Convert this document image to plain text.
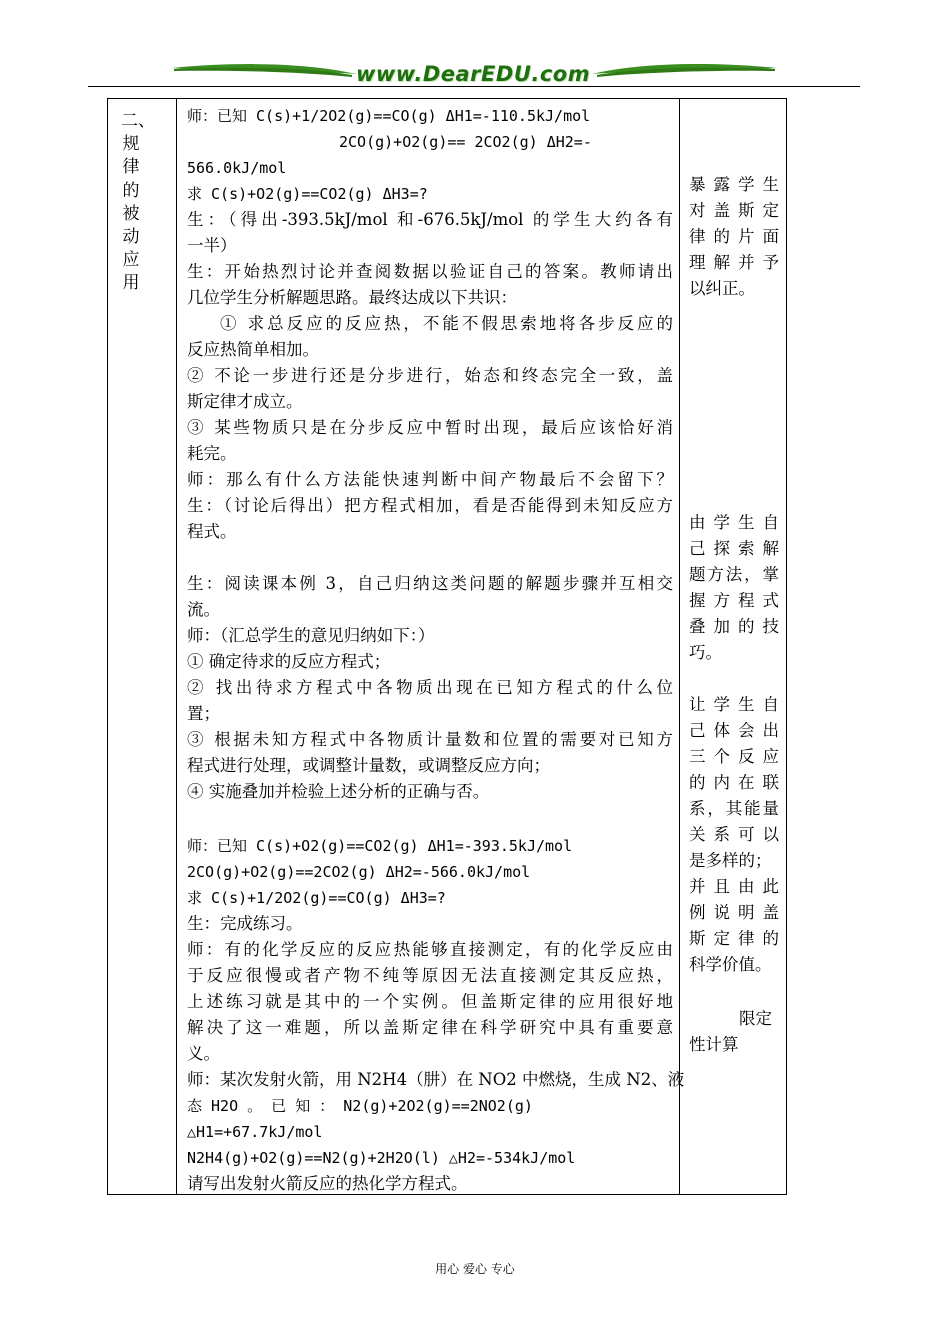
www.DearEDU.com

二、规律的被动应用

师：已知 C(s)+1/2O2(g)==CO(g) ΔH1=-110.5kJ/mol

2CO(g)+O2(g)== 2CO2(g) ΔH2=-

566.0kJ/mol

求 C(s)+O2(g)==CO2(g) ΔH3=?

生：（得出-393.5kJ/mol 和-676.5kJ/mol 的学生大约各有

一半）

生：开始热烈讨论并查阅数据以验证自己的答案。教师请出

几位学生分析解题思路。最终达成以下共识：

① 求总反应的反应热，不能不假思索地将各步反应的

反应热简单相加。

② 不论一步进行还是分步进行，始态和终态完全一致，盖

斯定律才成立。

③ 某些物质只是在分步反应中暂时出现，最后应该恰好消

耗完。

师：那么有什么方法能快速判断中间产物最后不会留下？

生：（讨论后得出）把方程式相加，看是否能得到未知反应方

程式。

生：阅读课本例 3，自己归纳这类问题的解题步骤并互相交

流。

师：（汇总学生的意见归纳如下：）

① 确定待求的反应方程式；

② 找出待求方程式中各物质出现在已知方程式的什么位

置；

③ 根据未知方程式中各物质计量数和位置的需要对已知方

程式进行处理，或调整计量数，或调整反应方向；

④ 实施叠加并检验上述分析的正确与否。

师：已知 C(s)+O2(g)==CO2(g) ΔH1=-393.5kJ/mol

2CO(g)+O2(g)==2CO2(g) ΔH2=-566.0kJ/mol

求 C(s)+1/2O2(g)==CO(g) ΔH3=?

生：完成练习。

师：有的化学反应的反应热能够直接测定，有的化学反应由

于反应很慢或者产物不纯等原因无法直接测定其反应热，

上述练习就是其中的一个实例。但盖斯定律的应用很好地

解决了这一难题，所以盖斯定律在科学研究中具有重要意

义。

师：某次发射火箭，用 N2H4（肼）在 NO2 中燃烧，生成 N2、液

态 H2O 。 已 知 ： N2(g)+2O2(g)==2NO2(g)

△H1=+67.7kJ/mol

N2H4(g)+O2(g)==N2(g)+2H2O(l) △H2=-534kJ/mol

请写出发射火箭反应的热化学方程式。

暴露学生

对盖斯定

律的片面

理解并予

以纠正。

由学生自

己探索解

题方法，掌

握方程式

叠加的技

巧。

让学生自

己体会出

三个反应

的内在联

系，其能量

关系可以

是多样的；

并且由此

例说明盖

斯定律的

科学价值。

限定

性计算

用心 爱心 专心
